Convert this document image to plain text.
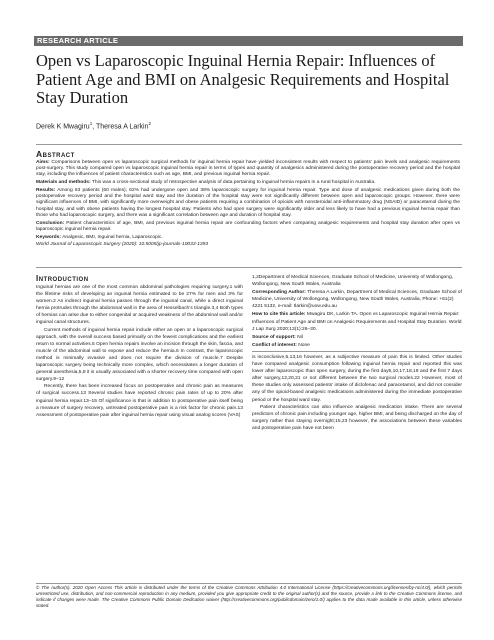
RESEARCH ARTICLE
Open vs Laparoscopic Inguinal Hernia Repair: Influences of Patient Age and BMI on Analgesic Requirements and Hospital Stay Duration
Derek K Mwagiru$^1$, Theresa A Larkin$^2$
Abstract

Aims: Comparisons between open vs laparoscopic surgical methods for inguinal hernia repair have yielded inconsistent results with respect to patients’ pain levels and analgesic requirements post-surgery. This study compared open vs laparoscopic inguinal hernia repair in terms of types and quantity of analgesics administered during the postoperative recovery period and the hospital stay, including the influences of patient characteristics such as age, BMI, and previous inguinal hernia repair.

Materials and methods: This was a cross-sectional study of retrospective analysis of data pertaining to inguinal hernia repairs in a rural hospital in Australia.

Results: Among 63 patients (60 males), 62% had undergone open and 38% laparoscopic surgery for inguinal hernia repair. Type and dose of analgesic medications given during both the postoperative recovery period and the hospital ward stay and the duration of the hospital stay were not significantly different between open and laparoscopic groups. However, there were significant influences of BMI, with significantly more overweight and obese patients requiring a combination of opioids with nonsteroidal anti-inflammatory drug (NSAID) or paracetamol during the hospital stay, and with obese patients having the longest hospital stay. Patients who had open surgery were significantly older and less likely to have had a previous inguinal hernia repair than those who had laparoscopic surgery, and there was a significant correlation between age and duration of hospital stay.

Conclusion: Patient characteristics of age, BMI, and previous inguinal hernia repair are confounding factors when comparing analgesic requirements and hospital stay duration after open vs laparoscopic inguinal hernia repair.

Keywords: Analgesic, BMI, Inguinal hernia, Laparoscopic.

World Journal of Laparoscopic Surgery (2020): 10.5005/jp-journals-10033-1393

Introduction

Inguinal hernias are one of the most common abdominal pathologies requiring surgery,1 with the lifetime risks of developing an inguinal hernia estimated to be 27% for men and 3% for women.2 An indirect inguinal hernia passes through the inguinal canal, while a direct inguinal hernia protrudes through the abdominal wall in the area of Hesselbach’s triangle.3,4 Both types of hernias can arise due to either congenital or acquired weakness of the abdominal wall and/or inguinal canal structures.

Current methods of inguinal hernia repair include either an open or a laparoscopic surgical approach, with the overall success based primarily on the fewest complications and the earliest return to normal activities.5 Open hernia repairs involve an incision through the skin, fascia, and muscle of the abdominal wall to expose and reduce the hernia.6 In contrast, the laparoscopic method is minimally invasive and does not require the division of muscle.7 Despite laparoscopic surgery being technically more complex, which necessitates a longer duration of general anesthesia,5,8 it is usually associated with a shorter recovery time compared with open surgery.9–12

Recently, there has been increased focus on postoperative and chronic pain as measures of surgical success.13 Several studies have reported chronic pain rates of up to 20% after inguinal hernia repair.13–15 Of significance is that in addition to postoperative pain itself being a measure of surgery recovery, untreated postoperative pain is a risk factor for chronic pain.13 Assessment of postoperative pain after inguinal hernia repair using visual analog scores (VAS)

1,2Department of Medical Sciences, Graduate School of Medicine, University of Wollongong, Wollongong, New South Wales, Australia

Corresponding Author: Theresa A Larkin, Department of Medical Sciences, Graduate School of Medicine, University of Wollongong, Wollongong, New South Wales, Australia, Phone: +61(2) 4221 5132, e-mail: tlarkin@uow.edu.au

How to cite this article: Mwagiru DK, Larkin TA. Open vs Laparoscopic Inguinal Hernia Repair: Influences of Patient Age and BMI on Analgesic Requirements and Hospital Stay Duration. World J Lap Surg 2020;13(1):26–30.

Source of support: Nil

Conflict of interest: None

is inconclusive,5,13,16 however, as a subjective measure of pain this is limited. Other studies have compared analgesic consumption following inguinal hernia repair and reported this was lower after laparoscopic than open surgery, during the first day5,10,17,18,19 and the first 7 days after surgery,12,20,21 or not different between the two surgical modes.22 However, most of these studies only assessed patients’ intake of diclofenac and paracetamol, and did not consider any of the opioid-based analgesic medications administered during the immediate postoperative period or the hospital ward stay.

Patient characteristics can also influence analgesic medication intake. There are several predictors of chronic pain including younger age, higher BMI, and being discharged on the day of surgery rather than staying overnight;15,23 however, the associations between these variables and postoperative pain have not been

© The Author(s). 2020 Open Access This article is distributed under the terms of the Creative Commons Attribution 4.0 International License (https://creativecommons.org/licenses/by-nc/4.0/), which permits unrestricted use, distribution, and non-commercial reproduction in any medium, provided you give appropriate credit to the original author(s) and the source, provide a link to the Creative Commons license, and indicate if changes were made. The Creative Commons Public Domain Dedication waiver (http://creativecommons.org/publicdomain/zero/1.0/) applies to the data made available in this article, unless otherwise stated.
